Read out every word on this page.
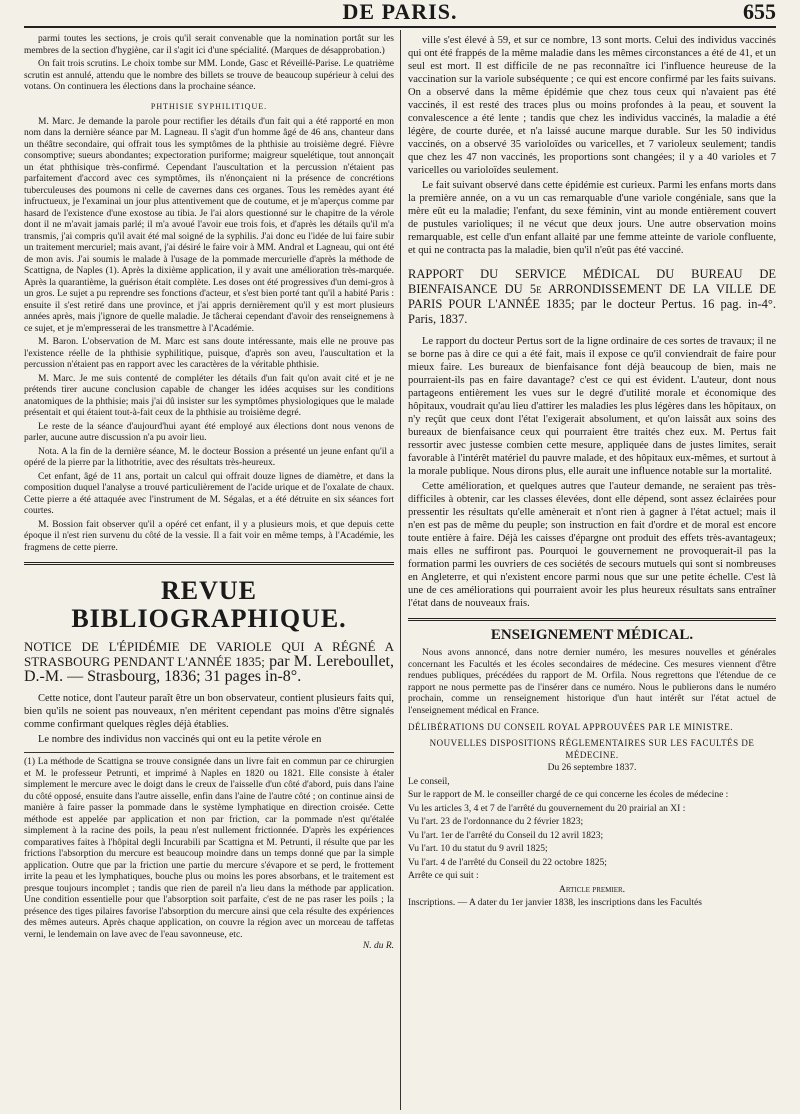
DE PARIS.	655

parmi toutes les sections, je crois qu'il serait convenable que la nomination portât sur les membres de la section d'hygiène, car il s'agit ici d'une spécialité. (Marques de désapprobation.)

On fait trois scrutins. Le choix tombe sur MM. Londe, Gasc et Réveillé-Parise. Le quatrième scrutin est annulé, attendu que le nombre des billets se trouve de beaucoup supérieur à celui des votans. On continuera les élections dans la prochaine séance.

PHTHISIE SYPHILITIQUE.

M. Marc. Je demande la parole pour rectifier les détails d'un fait qui a été rapporté en mon nom dans la dernière séance par M. Lagneau. Il s'agit d'un homme âgé de 46 ans, chanteur dans un théâtre secondaire, qui offrait tous les symptômes de la phthisie au troisième degré. Fièvre consomptive; sueurs abondantes; expectoration puriforme; maigreur squelétique, tout annonçait un état phthisique très-confirmé. Cependant l'auscultation et la percussion n'étaient pas parfaitement d'accord avec ces symptômes, ils n'énonçaient ni la présence de concrétions tuberculeuses des poumons ni celle de cavernes dans ces organes. Tous les remèdes ayant été infructueux, je l'examinai un jour plus attentivement que de coutume, et je m'aperçus comme par hasard de l'existence d'une exostose au tibia. Je l'ai alors questionné sur le chapitre de la vérole dont il ne m'avait jamais parlé; il m'a avoué l'avoir eue trois fois, et d'après les détails qu'il m'a transmis, j'ai compris qu'il avait été mal soigné de la syphilis. J'ai donc eu l'idée de lui faire subir un traitement mercuriel; mais avant, j'ai désiré le faire voir à MM. Andral et Lagneau, qui ont été de mon avis. J'ai soumis le malade à l'usage de la pommade mercurielle d'après la méthode de Scattigna, de Naples (1). Après la dixième application, il y avait une amélioration très-marquée. Après la quarantième, la guérison était complète. Les doses ont été progressives d'un demi-gros à un gros. Le sujet a pu reprendre ses fonctions d'acteur, et s'est bien porté tant qu'il a habité Paris : ensuite il s'est retiré dans une province, et j'ai appris dernièrement qu'il y est mort plusieurs années après, mais j'ignore de quelle maladie. Je tâcherai cependant d'avoir des renseignemens à ce sujet, et je m'empresserai de les transmettre à l'Académie.

M. Baron. L'observation de M. Marc est sans doute intéressante, mais elle ne prouve pas l'existence réelle de la phthisie syphilitique, puisque, d'après son aveu, l'auscultation et la percussion n'étaient pas en rapport avec les caractères de la véritable phthisie.

M. Marc. Je me suis contenté de compléter les détails d'un fait qu'on avait cité et je ne prétends tirer aucune conclusion capable de changer les idées acquises sur les conditions anatomiques de la phthisie; mais j'ai dû insister sur les symptômes physiologiques que le malade présentait et qui étaient tout-à-fait ceux de la phthisie au troisième degré.

Le reste de la séance d'aujourd'hui ayant été employé aux élections dont nous venons de parler, aucune autre discussion n'a pu avoir lieu.

Nota. A la fin de la dernière séance, M. le docteur Bossion a présenté un jeune enfant qu'il a opéré de la pierre par la lithotritie, avec des résultats très-heureux.

Cet enfant, âgé de 11 ans, portait un calcul qui offrait douze lignes de diamètre, et dans la composition duquel l'analyse a trouvé particulièrement de l'acide urique et de l'oxalate de chaux. Cette pierre a été attaquée avec l'instrument de M. Ségalas, et a été détruite en six séances fort courtes.

M. Bossion fait observer qu'il a opéré cet enfant, il y a plusieurs mois, et que depuis cette époque il n'est rien survenu du côté de la vessie. Il a fait voir en même temps, à l'Académie, les fragmens de cette pierre.

REVUE BIBLIOGRAPHIQUE.

NOTICE DE L'ÉPIDÉMIE DE VARIOLE QUI A RÉGNÉ A STRASBOURG PENDANT L'ANNÉE 1835; par M. Lereboullet, D.-M. — Strasbourg, 1836; 31 pages in-8°.

Cette notice, dont l'auteur paraît être un bon observateur, contient plusieurs faits qui, bien qu'ils ne soient pas nouveaux, n'en méritent cependant pas moins d'être signalés comme confirmant quelques règles déjà établies.

Le nombre des individus non vaccinés qui ont eu la petite vérole en

(1) La méthode de Scattigna se trouve consignée dans un livre fait en commun par ce chirurgien et M. le professeur Petrunti, et imprimé à Naples en 1820 ou 1821. Elle consiste à étaler simplement le mercure avec le doigt dans le creux de l'aisselle d'un côté d'abord, puis dans l'aine du côté opposé, ensuite dans l'autre aisselle, enfin dans l'aine de l'autre côté ; on continue ainsi de manière à faire passer la pommade dans le système lymphatique en direction croisée. Cette méthode est appelée par application et non par friction, car la pommade n'est qu'étalée simplement à la racine des poils, la peau n'est nullement frictionnée. D'après les expériences comparatives faites à l'hôpital degli Incurabili par Scattigna et M. Petrunti, il résulte que par les frictions l'absorption du mercure est beaucoup moindre dans un temps donné que par la simple application. Outre que par la friction une partie du mercure s'évapore et se perd, le frottement irrite la peau et les lymphatiques, bouche plus ou moins les pores absorbans, et le traitement est presque toujours incomplet ; tandis que rien de pareil n'a lieu dans la méthode par application. Une condition essentielle pour que l'absorption soit parfaite, c'est de ne pas raser les poils ; la présence des tiges pilaires favorise l'absorption du mercure ainsi que cela résulte des expériences des mêmes auteurs. Après chaque application, on couvre la région avec un morceau de taffetas verni, le lendemain on lave avec de l'eau savonneuse, etc.
N. du R.

ville s'est élevé à 59, et sur ce nombre, 13 sont morts. Celui des individus vaccinés qui ont été frappés de la même maladie dans les mêmes circonstances a été de 41, et un seul est mort. Il est difficile de ne pas reconnaître ici l'influence heureuse de la vaccination sur la variole subséquente ; ce qui est encore confirmé par les faits suivans. On a observé dans la même épidémie que chez tous ceux qui n'avaient pas été vaccinés, il est resté des traces plus ou moins profondes à la peau, et souvent la convalescence a été lente ; tandis que chez les individus vaccinés, la maladie a été légère, de courte durée, et n'a laissé aucune marque durable. Sur les 50 individus vaccinés, on a observé 35 varioloïdes ou varicelles, et 7 varioleux seulement; tandis que chez les 47 non vaccinés, les proportions sont changées; il y a 40 varioles et 7 varicelles ou varioloïdes seulement.

Le fait suivant observé dans cette épidémie est curieux. Parmi les enfans morts dans la première année, on a vu un cas remarquable d'une variole congéniale, sans que la mère eût eu la maladie; l'enfant, du sexe féminin, vint au monde entièrement couvert de pustules varioliques; il ne vécut que deux jours. Une autre observation moins remarquable, est celle d'un enfant allaité par une femme atteinte de variole confluente, et qui ne contracta pas la maladie, bien qu'il n'eût pas été vacciné.

RAPPORT DU SERVICE MÉDICAL DU BUREAU DE BIENFAISANCE DU 5e ARRONDISSEMENT DE LA VILLE DE PARIS POUR L'ANNÉE 1835; par le docteur Pertus. 16 pag. in-4°. Paris, 1837.

Le rapport du docteur Pertus sort de la ligne ordinaire de ces sortes de travaux; il ne se borne pas à dire ce qui a été fait, mais il expose ce qu'il conviendrait de faire pour mieux faire. Les bureaux de bienfaisance font déjà beaucoup de bien, mais ne pourraient-ils pas en faire davantage? c'est ce qui est évident. L'auteur, dont nous partageons entièrement les vues sur le degré d'utilité morale et économique des hôpitaux, voudrait qu'au lieu d'attirer les maladies les plus légères dans les hôpitaux, on n'y reçût que ceux dont l'état l'exigerait absolument, et qu'on laissât aux soins des bureaux de bienfaisance ceux qui pourraient être traités chez eux. M. Pertus fait ressortir avec justesse combien cette mesure, appliquée dans de justes limites, serait favorable à l'intérêt matériel du pauvre malade, et des hôpitaux eux-mêmes, et surtout à la morale publique. Nous dirons plus, elle aurait une influence notable sur la mortalité.

Cette amélioration, et quelques autres que l'auteur demande, ne seraient pas très-difficiles à obtenir, car les classes élevées, dont elle dépend, sont assez éclairées pour pressentir les résultats qu'elle amènerait et n'ont rien à gagner à l'état actuel; mais il n'en est pas de même du peuple; son instruction en fait d'ordre et de moral est encore toute entière à faire. Déjà les caisses d'épargne ont produit des effets très-avantageux; mais elles ne suffiront pas. Pourquoi le gouvernement ne provoquerait-il pas la formation parmi les ouvriers de ces sociétés de secours mutuels qui sont si nombreuses en Angleterre, et qui n'existent encore parmi nous que sur une petite échelle. C'est là une de ces améliorations qui pourraient avoir les plus heureux résultats sans entraîner l'état dans de nouveaux frais.

ENSEIGNEMENT MÉDICAL.

Nous avons annoncé, dans notre dernier numéro, les mesures nouvelles et générales concernant les Facultés et les écoles secondaires de médecine. Ces mesures viennent d'être rendues publiques, précédées du rapport de M. Orfila. Nous regrettons que l'étendue de ce rapport ne nous permette pas de l'insérer dans ce numéro. Nous le publierons dans le numéro prochain, comme un renseignement historique d'un haut intérêt sur l'état actuel de l'enseignement médical en France.

DÉLIBÉRATIONS DU CONSEIL ROYAL APPROUVÉES PAR LE MINISTRE.

NOUVELLES DISPOSITIONS RÉGLEMENTAIRES SUR LES FACULTÉS DE MÉDECINE.

Du 26 septembre 1837.

Le conseil,

Sur le rapport de M. le conseiller chargé de ce qui concerne les écoles de médecine :

Vu les articles 3, 4 et 7 de l'arrêté du gouvernement du 20 prairial an XI :

Vu l'art. 23 de l'ordonnance du 2 février 1823;

Vu l'art. 1er de l'arrêté du Conseil du 12 avril 1823;

Vu l'art. 10 du statut du 9 avril 1825;

Vu l'art. 4 de l'arrêté du Conseil du 22 octobre 1825;

Arrête ce qui suit :

Article premier.

Inscriptions. — A dater du 1er janvier 1838, les inscriptions dans les Facultés
